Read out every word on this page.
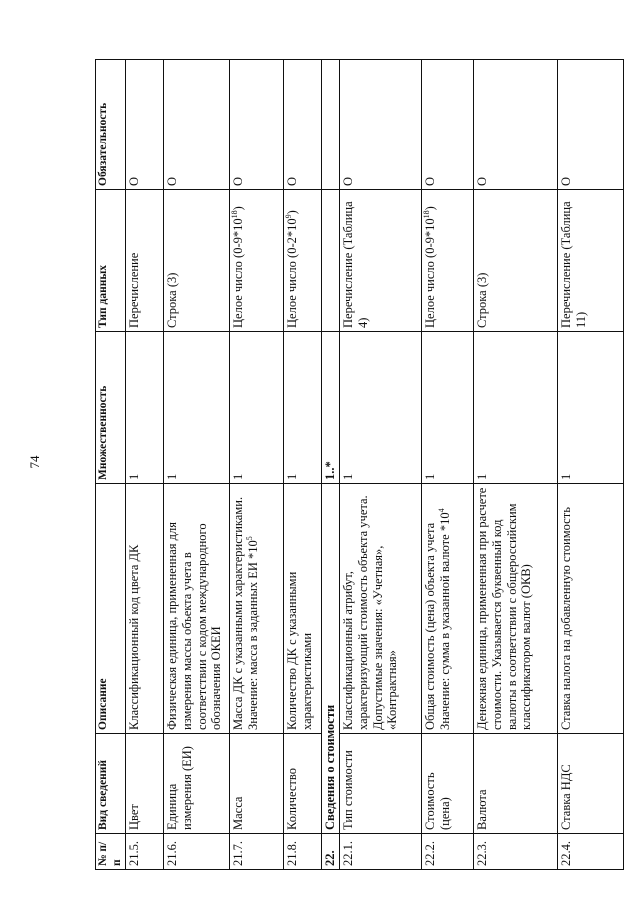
74
№ п/п	Вид сведений	Описание	Множественность	Тип данных	Обязательность
21.5.	Цвет	Классификационный код цвета ДК	1	Перечисление	О
21.6.	Единица измерения (ЕИ)	Физическая единица, примененная для измерения массы объекта учета в соответствии с кодом международного обозначения ОКЕИ	1	Строка (3)	О
21.7.	Масса	Масса ДК с указанными характеристиками.
Значение: масса в заданных ЕИ $*10^5$	1	Целое число $(0-9*10^{18})$	О
21.8.	Количество	Количество ДК с указанными характеристиками	1	Целое число $(0-2*10^9)$	О
22.	Сведения о стоимости		1..*		
22.1.	Тип стоимости	Классификационный атрибут, характеризующий стоимость объекта учета.
Допустимые значения: «Учетная», «Контрактная»	1	Перечисление (Таблица 4)	О
22.2.	Стоимость (цена)	Общая стоимость (цена) объекта учета
Значение: сумма в указанной валюте $*10^4$	1	Целое число $(0-9*10^{18})$	О
22.3.	Валюта	Денежная единица, примененная при расчете стоимости. Указывается буквенный код валюты в соответствии с общероссийским классификатором валют (ОКВ)	1	Строка (3)	О
22.4.	Ставка НДС	Ставка налога на добавленную стоимость	1	Перечисление (Таблица 11)	О
